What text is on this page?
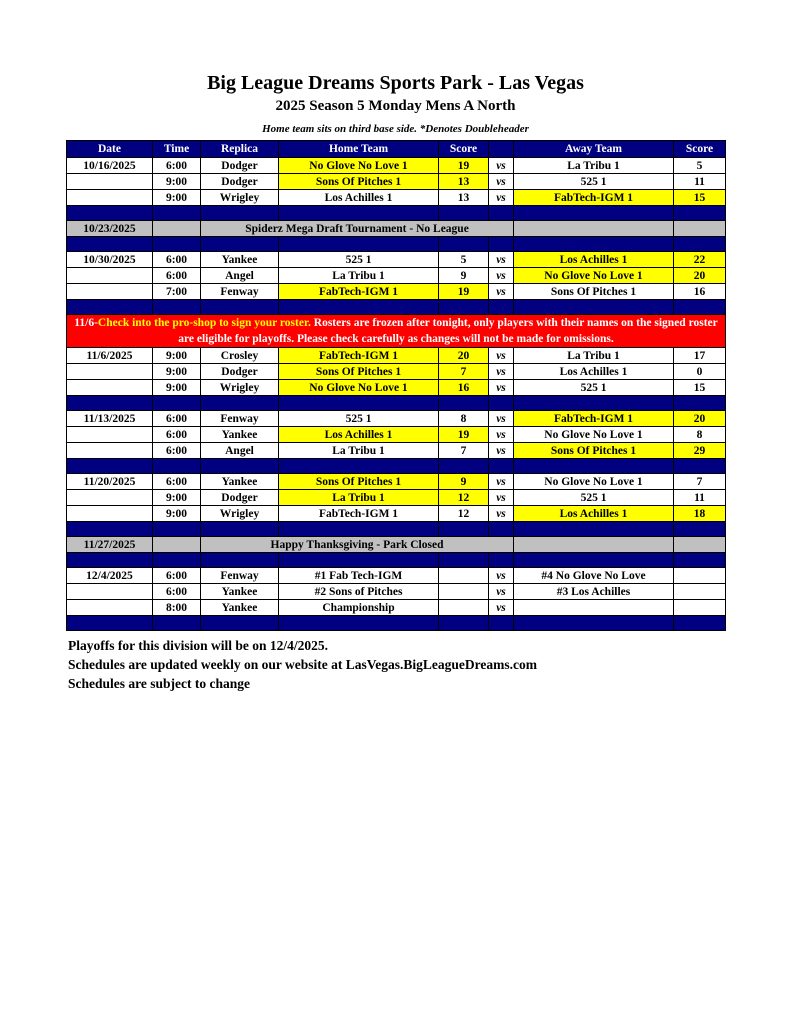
Big League Dreams Sports Park - Las Vegas
2025 Season 5 Monday Mens A North
Home team sits on third base side. *Denotes Doubleheader
Date	Time	Replica	Home Team	Score		Away Team	Score
10/16/2025	6:00	Dodger	No Glove No Love 1	19	vs	La Tribu 1	5
	9:00	Dodger	Sons Of Pitches 1	13	vs	525 1	11
	9:00	Wrigley	Los Achilles 1	13	vs	FabTech-IGM 1	15

10/23/2025		Spiderz Mega Draft Tournament - No League					

10/30/2025	6:00	Yankee	525 1	5	vs	Los Achilles 1	22
	6:00	Angel	La Tribu 1	9	vs	No Glove No Love 1	20
	7:00	Fenway	FabTech-IGM 1	19	vs	Sons Of Pitches 1	16

11/6-Check into the pro-shop to sign your roster. Rosters are frozen after tonight, only players with their names on the signed roster are eligible for playoffs. Please check carefully as changes will not be made for omissions.							
11/6/2025	9:00	Crosley	FabTech-IGM 1	20	vs	La Tribu 1	17
	9:00	Dodger	Sons Of Pitches 1	7	vs	Los Achilles 1	0
	9:00	Wrigley	No Glove No Love 1	16	vs	525 1	15

11/13/2025	6:00	Fenway	525 1	8	vs	FabTech-IGM 1	20
	6:00	Yankee	Los Achilles 1	19	vs	No Glove No Love 1	8
	6:00	Angel	La Tribu 1	7	vs	Sons Of Pitches 1	29

11/20/2025	6:00	Yankee	Sons Of Pitches 1	9	vs	No Glove No Love 1	7
	9:00	Dodger	La Tribu 1	12	vs	525 1	11
	9:00	Wrigley	FabTech-IGM 1	12	vs	Los Achilles 1	18

11/27/2025		Happy Thanksgiving - Park Closed					

12/4/2025	6:00	Fenway	#1 Fab Tech-IGM		vs	#4 No Glove No Love	
	6:00	Yankee	#2 Sons of Pitches		vs	#3 Los Achilles	
	8:00	Yankee	Championship		vs		

Playoffs for this division will be on 12/4/2025.
Schedules are updated weekly on our website at LasVegas.BigLeagueDreams.com
Schedules are subject to change
